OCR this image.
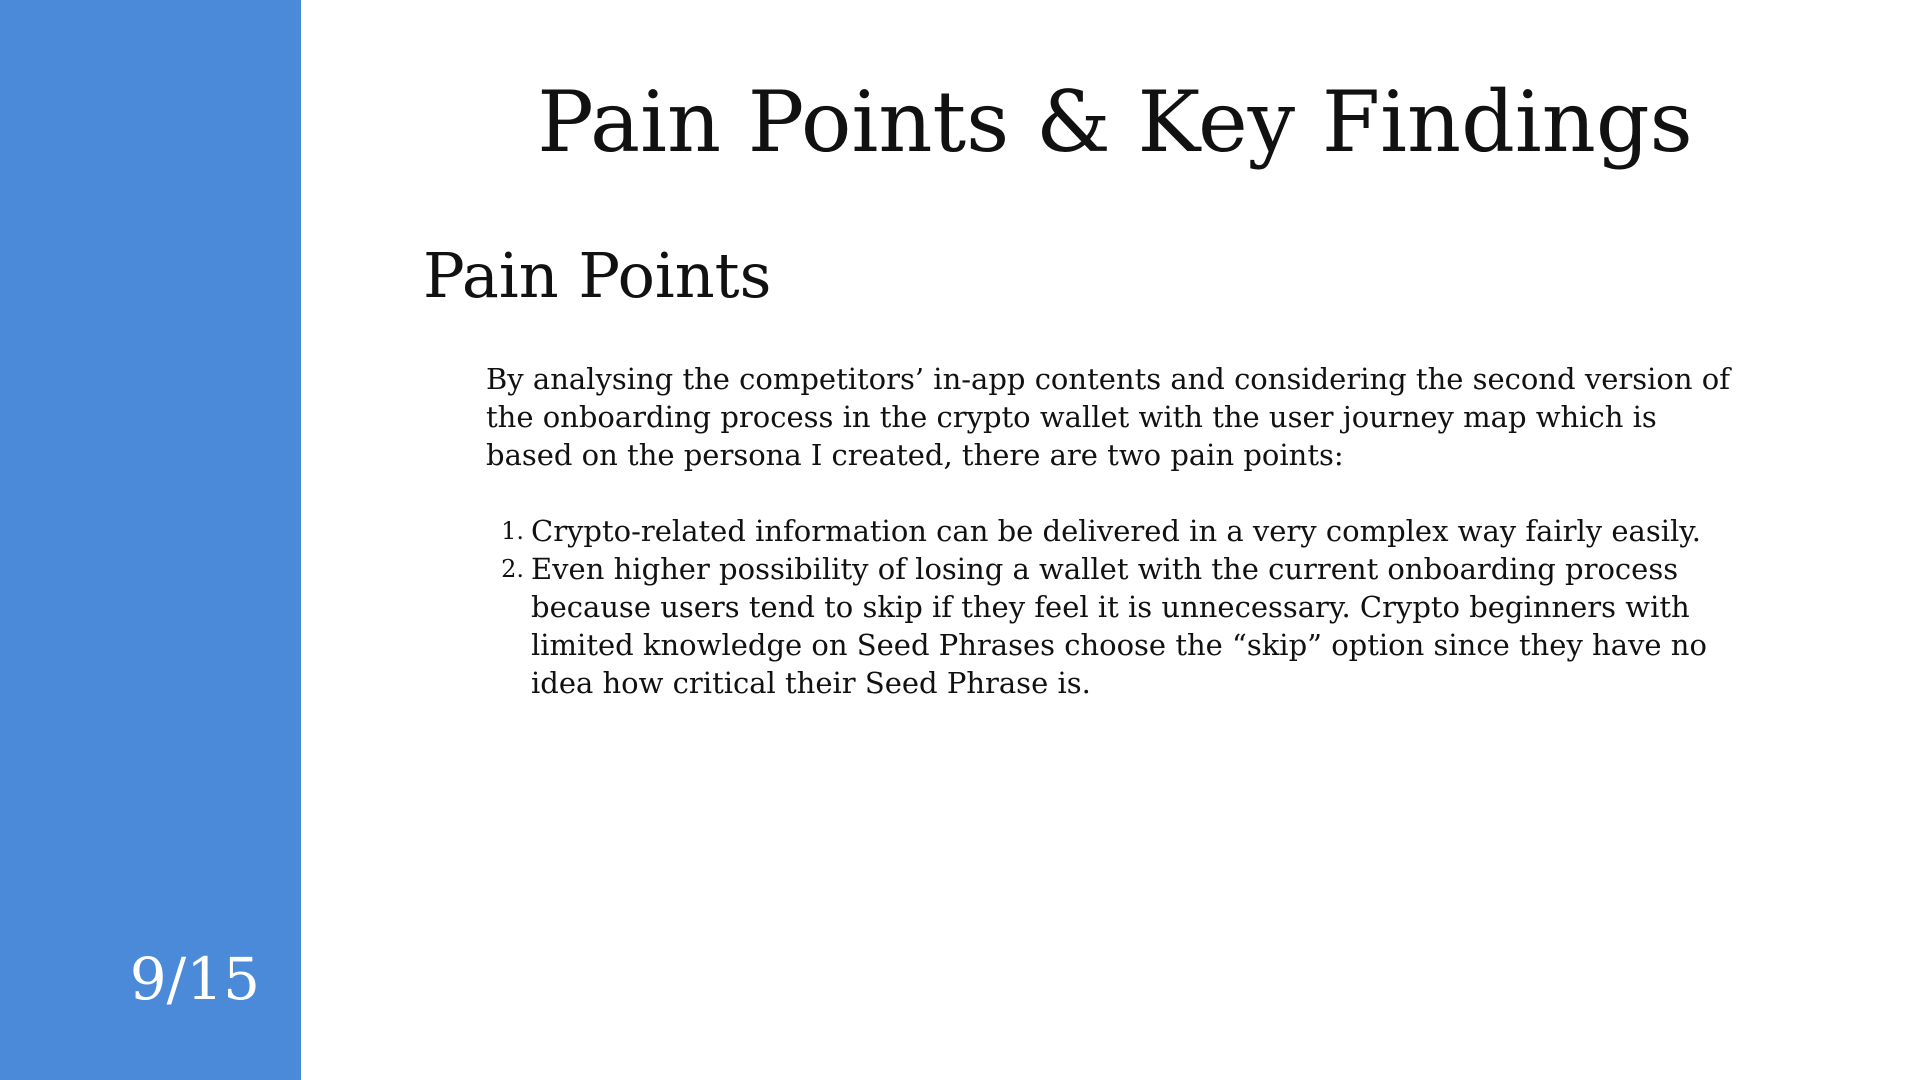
9/15
Pain Points & Key Findings
Pain Points

By analysing the competitors’ in-app contents and considering the second version of the onboarding process in the crypto wallet with the user journey map which is based on the persona I created, there are two pain points:

1. Crypto-related information can be delivered in a very complex way fairly easily.
2. Even higher possibility of losing a wallet with the current onboarding process because users tend to skip if they feel it is unnecessary. Crypto beginners with limited knowledge on Seed Phrases choose the “skip” option since they have no idea how critical their Seed Phrase is.
